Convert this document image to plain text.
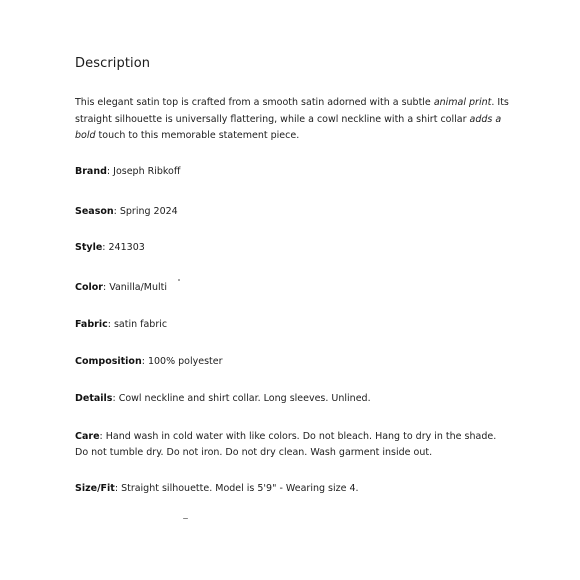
Description
This elegant satin top is crafted from a smooth satin adorned with a subtle animal print. Its straight silhouette is universally flattering, while a cowl neckline with a shirt collar adds a bold touch to this memorable statement piece.
Brand: Joseph Ribkoff
Season: Spring 2024
Style: 241303
Color: Vanilla/Multi
Fabric: satin fabric
Composition: 100% polyester
Details: Cowl neckline and shirt collar. Long sleeves. Unlined.
Care: Hand wash in cold water with like colors. Do not bleach. Hang to dry in the shade. Do not tumble dry. Do not iron. Do not dry clean. Wash garment inside out.
Size/Fit: Straight silhouette. Model is 5'9" - Wearing size 4.
